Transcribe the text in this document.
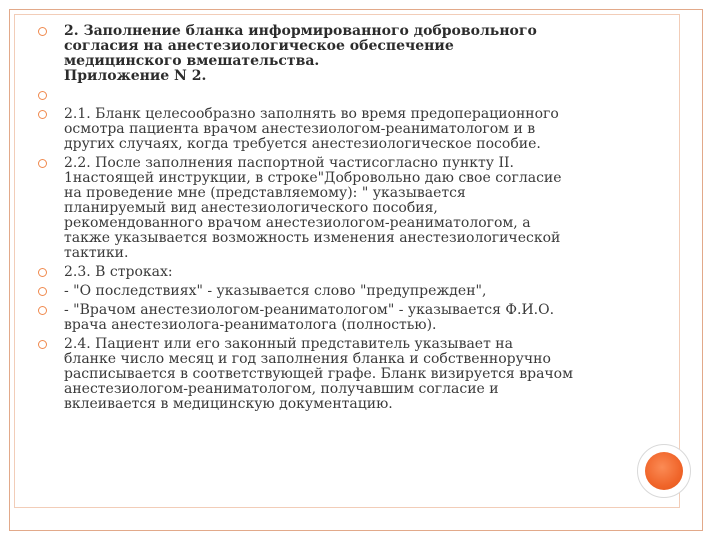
2. Заполнение бланка информированного добровольного
согласия на анестезиологическое обеспечение
медицинского вмешательства.
Приложение N 2.
2.1. Бланк целесообразно заполнять во время предоперационного
осмотра пациента врачом анестезиологом-реаниматологом и в
других случаях, когда требуется анестезиологическое пособие.
2.2. После заполнения паспортной частисогласно пункту II.
1настоящей инструкции, в строке"Добровольно даю свое согласие
на проведение мне (представляемому): " указывается
планируемый вид анестезиологического пособия,
рекомендованного врачом анестезиологом-реаниматологом, а
также указывается возможность изменения анестезиологической
тактики.
2.3. В строках:
- "О последствиях" - указывается слово "предупрежден",
- "Врачом анестезиологом-реаниматологом" - указывается Ф.И.О.
врача анестезиолога-реаниматолога (полностью).
2.4. Пациент или его законный представитель указывает на
бланке число месяц и год заполнения бланка и собственноручно
расписывается в соответствующей графе. Бланк визируется врачом
анестезиологом-реаниматологом, получавшим согласие и
вклеивается в медицинскую документацию.
